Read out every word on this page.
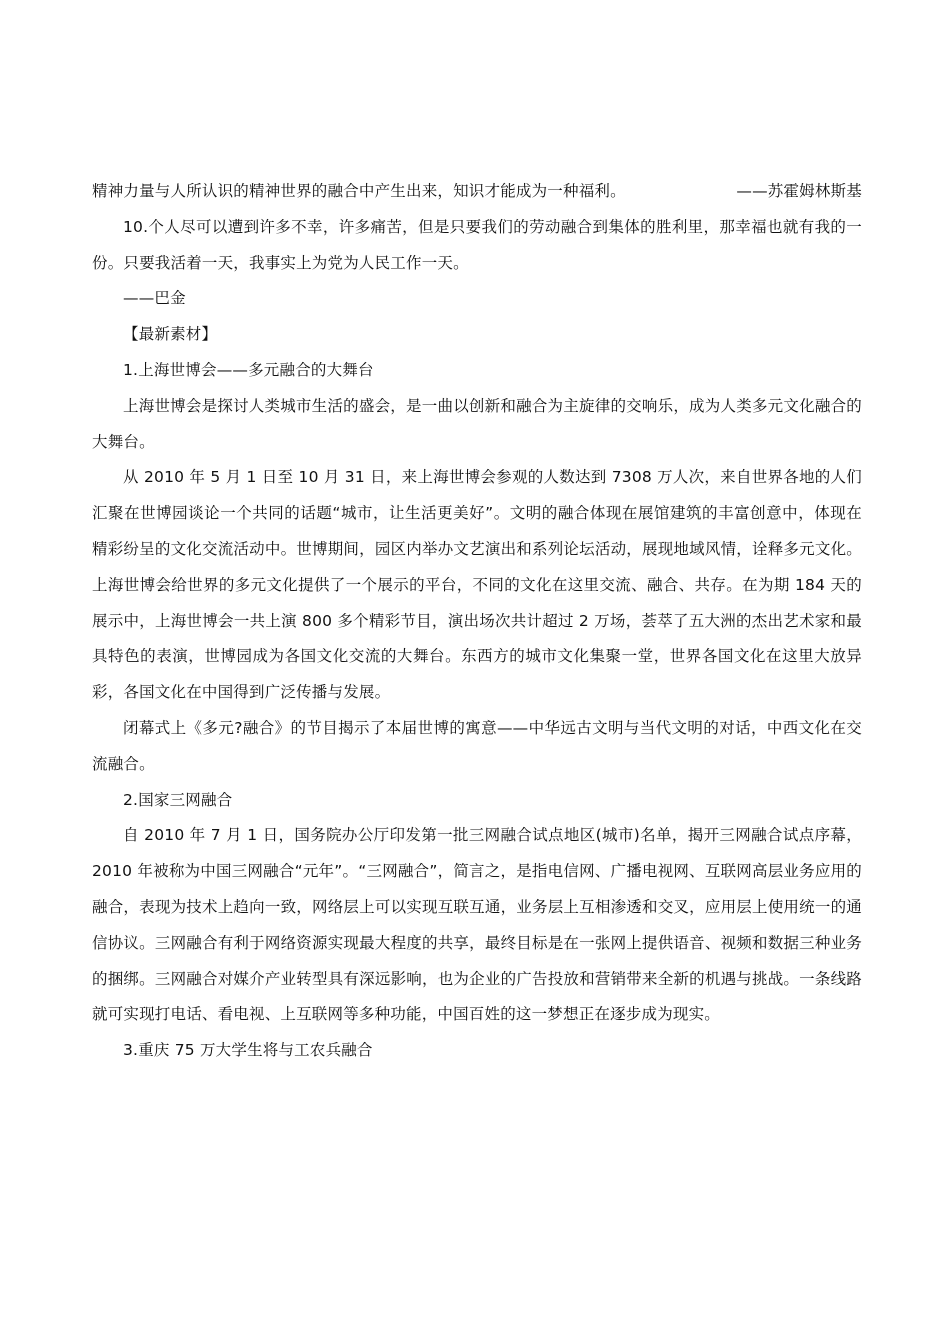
精神力量与人所认识的精神世界的融合中产生出来，知识才能成为一种福利。	——苏霍姆林斯基

10.个人尽可以遭到许多不幸，许多痛苦，但是只要我们的劳动融合到集体的胜利里，那幸福也就有我的一份。只要我活着一天，我事实上为党为人民工作一天。

——巴金

【最新素材】

1.上海世博会——多元融合的大舞台

上海世博会是探讨人类城市生活的盛会，是一曲以创新和融合为主旋律的交响乐，成为人类多元文化融合的大舞台。

从 2010 年 5 月 1 日至 10 月 31 日，来上海世博会参观的人数达到 7308 万人次，来自世界各地的人们汇聚在世博园谈论一个共同的话题“城市，让生活更美好”。文明的融合体现在展馆建筑的丰富创意中，体现在精彩纷呈的文化交流活动中。世博期间，园区内举办文艺演出和系列论坛活动，展现地域风情，诠释多元文化。上海世博会给世界的多元文化提供了一个展示的平台，不同的文化在这里交流、融合、共存。在为期 184 天的展示中，上海世博会一共上演 800 多个精彩节目，演出场次共计超过 2 万场，荟萃了五大洲的杰出艺术家和最具特色的表演，世博园成为各国文化交流的大舞台。东西方的城市文化集聚一堂，世界各国文化在这里大放异彩，各国文化在中国得到广泛传播与发展。

闭幕式上《多元?融合》的节目揭示了本届世博的寓意——中华远古文明与当代文明的对话，中西文化在交流融合。

2.国家三网融合

自 2010 年 7 月 1 日，国务院办公厅印发第一批三网融合试点地区(城市)名单，揭开三网融合试点序幕，2010 年被称为中国三网融合“元年”。“三网融合”，简言之，是指电信网、广播电视网、互联网高层业务应用的融合，表现为技术上趋向一致，网络层上可以实现互联互通，业务层上互相渗透和交叉，应用层上使用统一的通信协议。三网融合有利于网络资源实现最大程度的共享，最终目标是在一张网上提供语音、视频和数据三种业务的捆绑。三网融合对媒介产业转型具有深远影响，也为企业的广告投放和营销带来全新的机遇与挑战。一条线路就可实现打电话、看电视、上互联网等多种功能，中国百姓的这一梦想正在逐步成为现实。

3.重庆 75 万大学生将与工农兵融合
